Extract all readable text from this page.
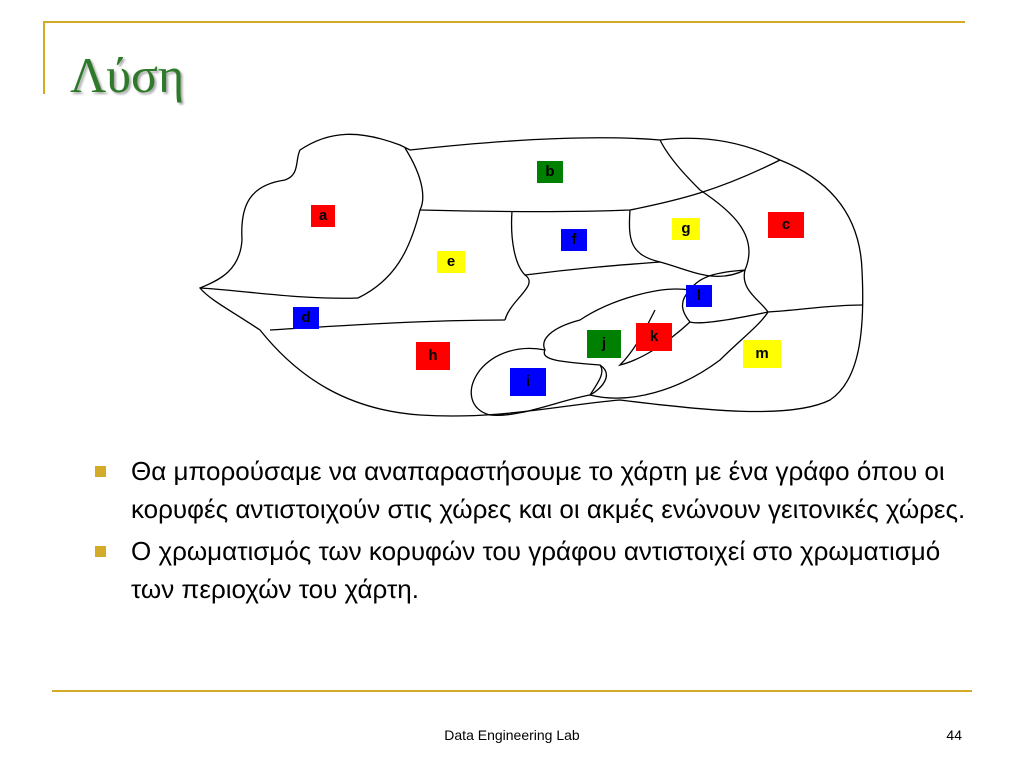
Λύση
a
b
c
d
e
f
g
h
i
j	k
l
m
Θα μπορούσαμε να αναπαραστήσουμε το χάρτη με ένα γράφο όπου οι κορυφές αντιστοιχούν στις χώρες και οι ακμές ενώνουν γειτονικές χώρες.
Ο χρωματισμός των κορυφών του γράφου αντιστοιχεί στο χρωματισμό των περιοχών του χάρτη.
Data Engineering Lab	44
